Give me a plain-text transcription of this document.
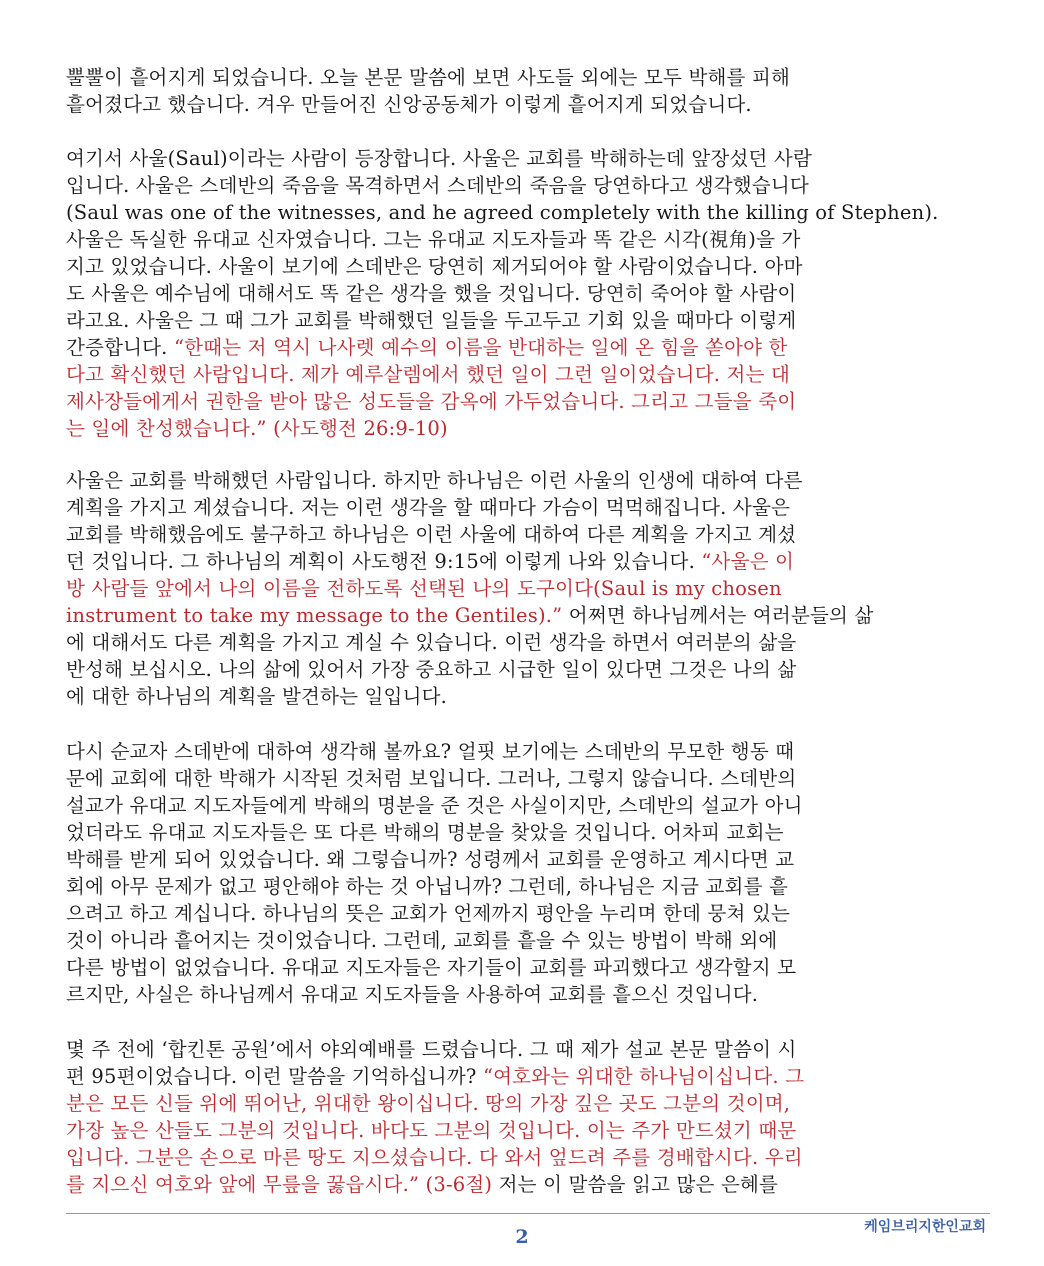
뿔뿔이 흩어지게 되었습니다. 오늘 본문 말씀에 보면 사도들 외에는 모두 박해를 피해
흩어졌다고 했습니다. 겨우 만들어진 신앙공동체가 이렇게 흩어지게 되었습니다.
여기서 사울(Saul)이라는 사람이 등장합니다. 사울은 교회를 박해하는데 앞장섰던 사람
입니다. 사울은 스데반의 죽음을 목격하면서 스데반의 죽음을 당연하다고 생각했습니다
(Saul was one of the witnesses, and he agreed completely with the killing of Stephen).
사울은 독실한 유대교 신자였습니다. 그는 유대교 지도자들과 똑 같은 시각(視角)을 가
지고 있었습니다. 사울이 보기에 스데반은 당연히 제거되어야 할 사람이었습니다. 아마
도 사울은 예수님에 대해서도 똑 같은 생각을 했을 것입니다. 당연히 죽어야 할 사람이
라고요. 사울은 그 때 그가 교회를 박해했던 일들을 두고두고 기회 있을 때마다 이렇게
간증합니다. “한때는 저 역시 나사렛 예수의 이름을 반대하는 일에 온 힘을 쏟아야 한
다고 확신했던 사람입니다. 제가 예루살렘에서 했던 일이 그런 일이었습니다. 저는 대
제사장들에게서 권한을 받아 많은 성도들을 감옥에 가두었습니다. 그리고 그들을 죽이
는 일에 찬성했습니다.” (사도행전 26:9-10)
사울은 교회를 박해했던 사람입니다. 하지만 하나님은 이런 사울의 인생에 대하여 다른
계획을 가지고 계셨습니다. 저는 이런 생각을 할 때마다 가슴이 먹먹해집니다. 사울은
교회를 박해했음에도 불구하고 하나님은 이런 사울에 대하여 다른 계획을 가지고 계셨
던 것입니다. 그 하나님의 계획이 사도행전 9:15에 이렇게 나와 있습니다. “사울은 이
방 사람들 앞에서 나의 이름을 전하도록 선택된 나의 도구이다(Saul is my chosen
instrument to take my message to the Gentiles).” 어쩌면 하나님께서는 여러분들의 삶
에 대해서도 다른 계획을 가지고 계실 수 있습니다. 이런 생각을 하면서 여러분의 삶을
반성해 보십시오. 나의 삶에 있어서 가장 중요하고 시급한 일이 있다면 그것은 나의 삶
에 대한 하나님의 계획을 발견하는 일입니다.
다시 순교자 스데반에 대하여 생각해 볼까요? 얼핏 보기에는 스데반의 무모한 행동 때
문에 교회에 대한 박해가 시작된 것처럼 보입니다. 그러나, 그렇지 않습니다. 스데반의
설교가 유대교 지도자들에게 박해의 명분을 준 것은 사실이지만, 스데반의 설교가 아니
었더라도 유대교 지도자들은 또 다른 박해의 명분을 찾았을 것입니다. 어차피 교회는
박해를 받게 되어 있었습니다. 왜 그렇습니까? 성령께서 교회를 운영하고 계시다면 교
회에 아무 문제가 없고 평안해야 하는 것 아닙니까? 그런데, 하나님은 지금 교회를 흩
으려고 하고 계십니다. 하나님의 뜻은 교회가 언제까지 평안을 누리며 한데 뭉쳐 있는
것이 아니라 흩어지는 것이었습니다. 그런데, 교회를 흩을 수 있는 방법이 박해 외에
다른 방법이 없었습니다. 유대교 지도자들은 자기들이 교회를 파괴했다고 생각할지 모
르지만, 사실은 하나님께서 유대교 지도자들을 사용하여 교회를 흩으신 것입니다.
몇 주 전에 ‘합킨톤 공원’에서 야외예배를 드렸습니다. 그 때 제가 설교 본문 말씀이 시
편 95편이었습니다. 이런 말씀을 기억하십니까? “여호와는 위대한 하나님이십니다. 그
분은 모든 신들 위에 뛰어난, 위대한 왕이십니다. 땅의 가장 깊은 곳도 그분의 것이며,
가장 높은 산들도 그분의 것입니다. 바다도 그분의 것입니다. 이는 주가 만드셨기 때문
입니다. 그분은 손으로 마른 땅도 지으셨습니다. 다 와서 엎드려 주를 경배합시다. 우리
를 지으신 여호와 앞에 무릎을 꿇읍시다.” (3-6절) 저는 이 말씀을 읽고 많은 은혜를
케임브리지한인교회
2
